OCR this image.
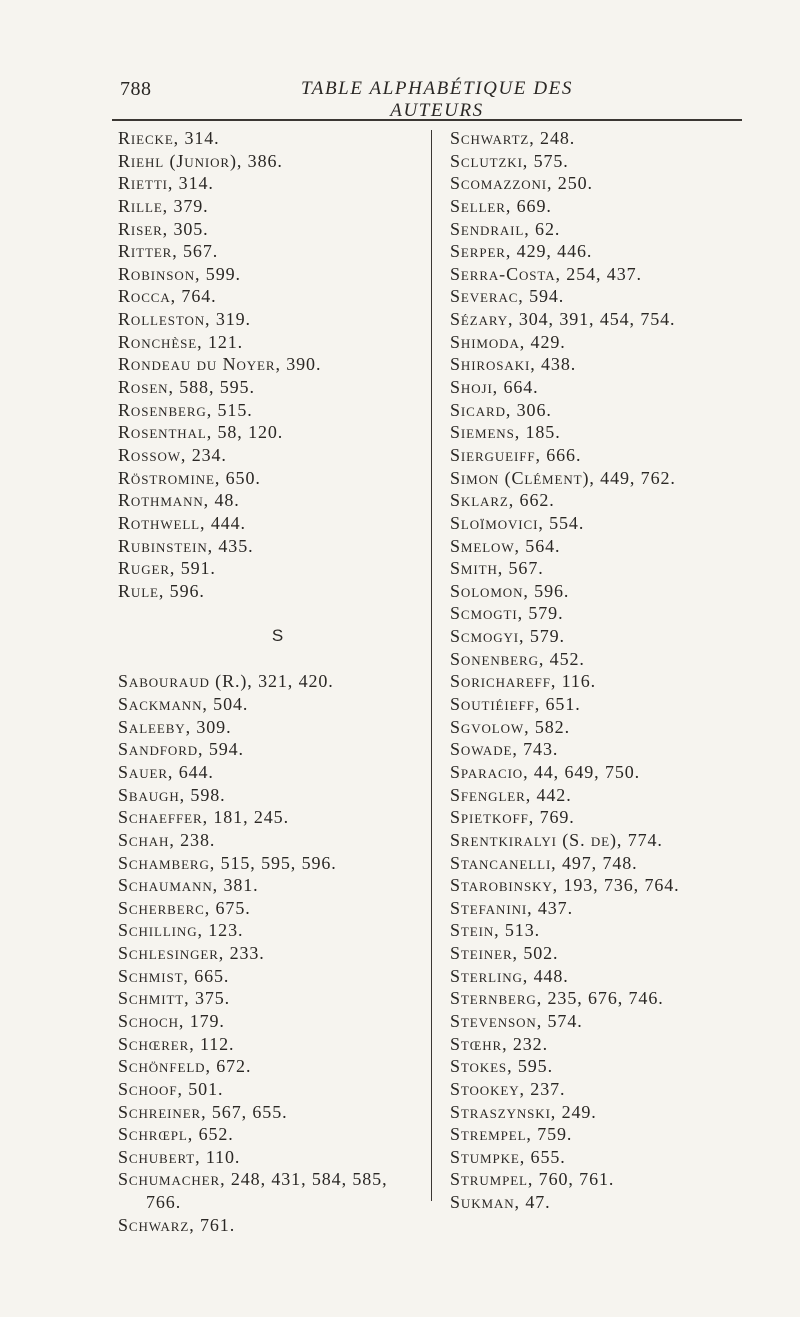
788	TABLE ALPHABÉTIQUE DES AUTEURS
Riecke, 314.
Riehl (Junior), 386.
Rietti, 314.
Rille, 379.
Riser, 305.
Ritter, 567.
Robinson, 599.
Rocca, 764.
Rolleston, 319.
Ronchèse, 121.
Rondeau du Noyer, 390.
Rosen, 588, 595.
Rosenberg, 515.
Rosenthal, 58, 120.
Rossow, 234.
Röstromine, 650.
Rothmann, 48.
Rothwell, 444.
Rubinstein, 435.
Ruger, 591.
Rule, 596.
S
Sabouraud (R.), 321, 420.
Sackmann, 504.
Saleeby, 309.
Sandford, 594.
Sauer, 644.
Sbaugh, 598.
Schaeffer, 181, 245.
Schah, 238.
Schamberg, 515, 595, 596.
Schaumann, 381.
Scherberc, 675.
Schilling, 123.
Schlesinger, 233.
Schmist, 665.
Schmitt, 375.
Schoch, 179.
Schœrer, 112.
Schönfeld, 672.
Schoof, 501.
Schreiner, 567, 655.
Schrœpl, 652.
Schubert, 110.
Schumacher, 248, 431, 584, 585,
766.
Schwarz, 761.
Schwartz, 248.
Sclutzki, 575.
Scomazzoni, 250.
Seller, 669.
Sendrail, 62.
Serper, 429, 446.
Serra-Costa, 254, 437.
Severac, 594.
Sézary, 304, 391, 454, 754.
Shimoda, 429.
Shirosaki, 438.
Shoji, 664.
Sicard, 306.
Siemens, 185.
Siergueiff, 666.
Simon (Clément), 449, 762.
Sklarz, 662.
Sloïmovici, 554.
Smelow, 564.
Smith, 567.
Solomon, 596.
Scmogti, 579.
Scmogyi, 579.
Sonenberg, 452.
Sorichareff, 116.
Soutiéieff, 651.
Sgvolow, 582.
Sowade, 743.
Sparacio, 44, 649, 750.
Sfengler, 442.
Spietkoff, 769.
Srentkiralyi (S. de), 774.
Stancanelli, 497, 748.
Starobinsky, 193, 736, 764.
Stefanini, 437.
Stein, 513.
Steiner, 502.
Sterling, 448.
Sternberg, 235, 676, 746.
Stevenson, 574.
Stœhr, 232.
Stokes, 595.
Stookey, 237.
Straszynski, 249.
Strempel, 759.
Stumpke, 655.
Strumpel, 760, 761.
Sukman, 47.
